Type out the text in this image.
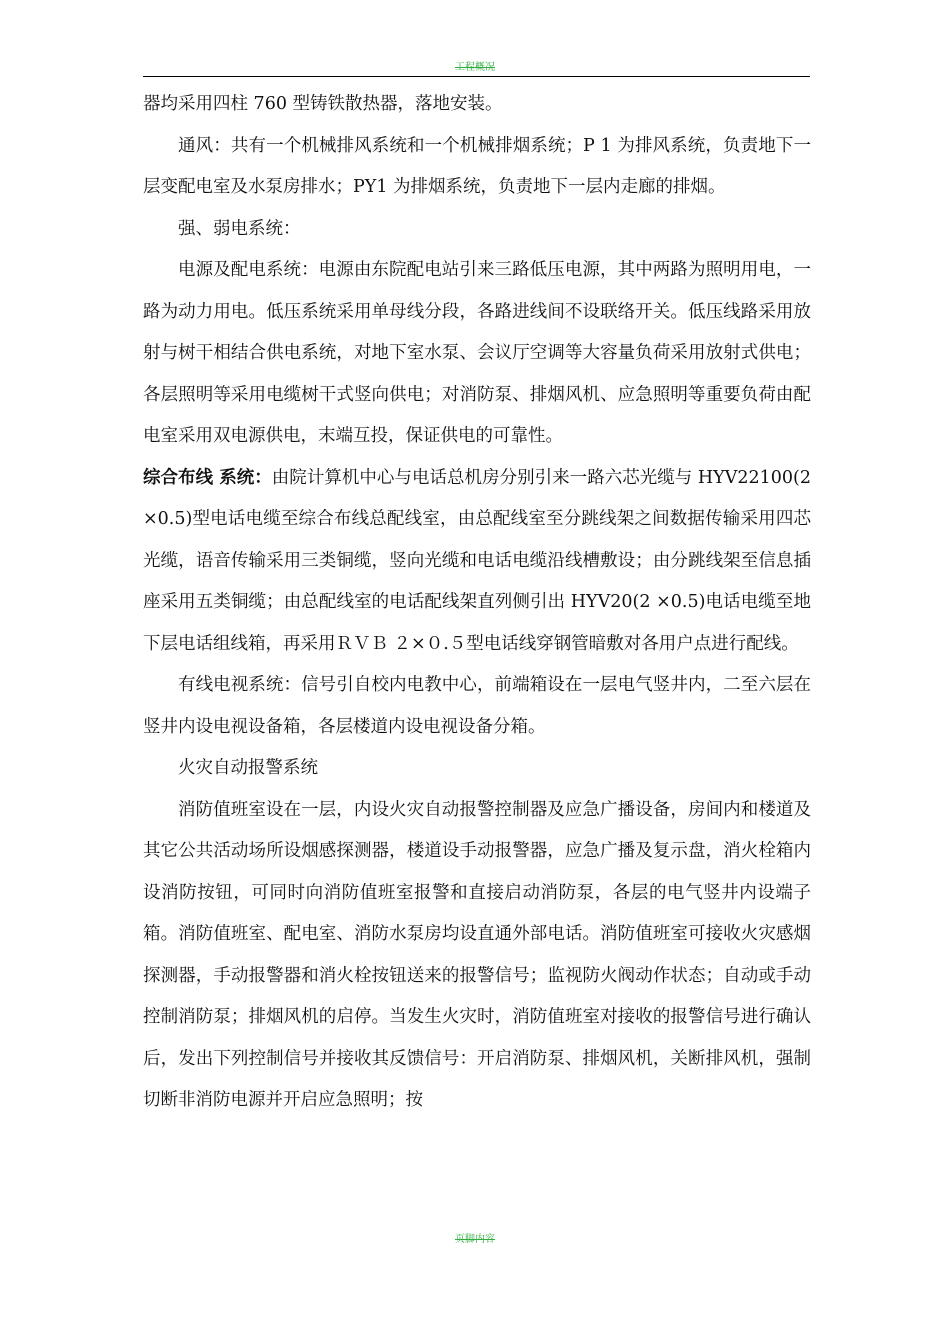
工程概况

器均采用四柱 760 型铸铁散热器，落地安装。

通风：共有一个机械排风系统和一个机械排烟系统；P 1 为排风系统，负责地下一层变配电室及水泵房排水；PY1 为排烟系统，负责地下一层内走廊的排烟。

强、弱电系统：

电源及配电系统：电源由东院配电站引来三路低压电源，其中两路为照明用电，一路为动力用电。低压系统采用单母线分段，各路进线间不设联络开关。低压线路采用放射与树干相结合供电系统，对地下室水泵、会议厅空调等大容量负荷采用放射式供电；各层照明等采用电缆树干式竖向供电；对消防泵、排烟风机、应急照明等重要负荷由配电室采用双电源供电，末端互投，保证供电的可靠性。

综合布线 系统：由院计算机中心与电话总机房分别引来一路六芯光缆与 HYV22100(2 ×0.5)型电话电缆至综合布线总配线室，由总配线室至分跳线架之间数据传输采用四芯光缆，语音传输采用三类铜缆，竖向光缆和电话电缆沿线槽敷设；由分跳线架至信息插座采用五类铜缆；由总配线室的电话配线架直列侧引出 HYV20(2 ×0.5)电话电缆至地下层电话组线箱，再采用ＲＶＢ ２×０.５型电话线穿钢管暗敷对各用户点进行配线。

有线电视系统：信号引自校内电教中心，前端箱设在一层电气竖井内，二至六层在竖井内设电视设备箱，各层楼道内设电视设备分箱。

火灾自动报警系统

消防值班室设在一层，内设火灾自动报警控制器及应急广播设备，房间内和楼道及其它公共活动场所设烟感探测器，楼道设手动报警器，应急广播及复示盘，消火栓箱内设消防按钮，可同时向消防值班室报警和直接启动消防泵，各层的电气竖井内设端子箱。消防值班室、配电室、消防水泵房均设直通外部电话。消防值班室可接收火灾感烟探测器，手动报警器和消火栓按钮送来的报警信号；监视防火阀动作状态；自动或手动控制消防泵；排烟风机的启停。当发生火灾时，消防值班室对接收的报警信号进行确认后，发出下列控制信号并接收其反馈信号：开启消防泵、排烟风机，关断排风机，强制切断非消防电源并开启应急照明；按

页脚内容
